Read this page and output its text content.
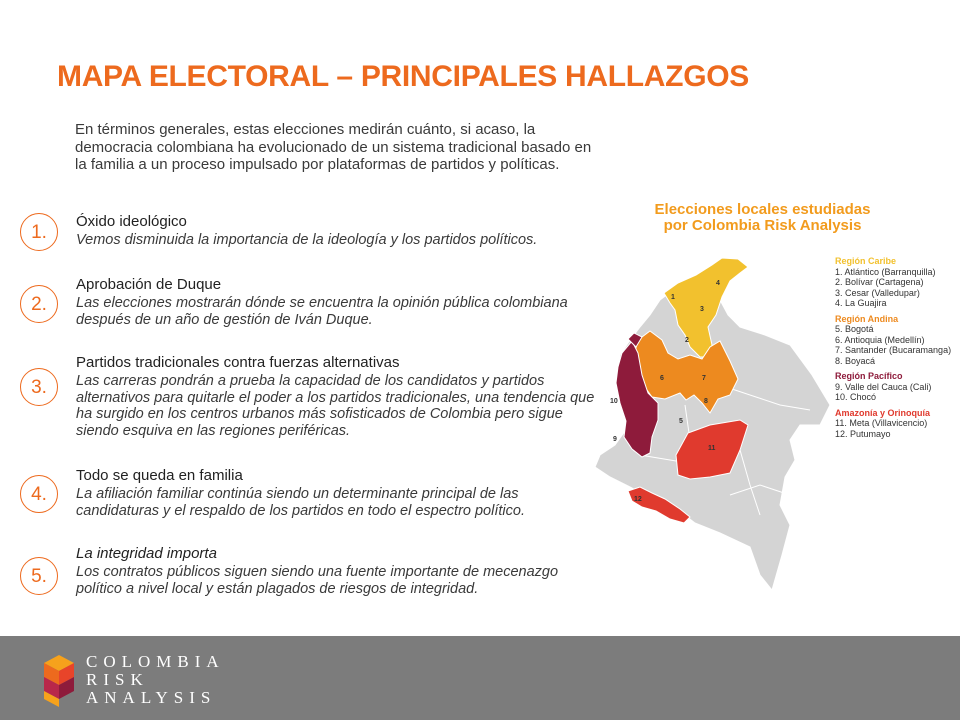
MAPA ELECTORAL – PRINCIPALES HALLAZGOS

En términos generales, estas elecciones medirán cuánto, si acaso, la democracia colombiana ha evolucionado de un sistema tradicional basado en la familia a un proceso impulsado por plataformas de partidos y políticas.

1.
Óxido ideológico
Vemos disminuida la importancia de la ideología y los partidos políticos.
2.
Aprobación de Duque
Las elecciones mostrarán dónde se encuentra la opinión pública colombiana después de un año de gestión de Iván Duque.
3.
Partidos tradicionales contra fuerzas alternativas
Las carreras pondrán a prueba la capacidad de los candidatos y partidos alternativos para quitarle el poder a los partidos tradicionales, una tendencia que ha surgido en los centros urbanos más sofisticados de Colombia pero sigue siendo esquiva en las regiones periféricas.
4.
Todo se queda en familia
La afiliación familiar continúa siendo un determinante principal de las candidaturas y el respaldo de los partidos en todo el espectro político.
5.
La integridad importa
Los contratos públicos siguen siendo una fuente importante de mecenazgo político a nivel local y están plagados de riesgos de integridad.
Elecciones locales estudiadas
por Colombia Risk Analysis
1
4
3
2
6	7
8
5
10
9
11
12
Región Caribe
1. Atlántico (Barranquilla)
2. Bolívar (Cartagena)
3. Cesar (Valledupar)
4. La Guajira
Región Andina
5. Bogotá
6. Antioquia (Medellín)
7. Santander (Bucaramanga)
8. Boyacá
Región Pacífico
9. Valle del Cauca (Cali)
10. Chocó
Amazonía y Orinoquía
11. Meta (Villavicencio)
12. Putumayo
COLOMBIA
RISK
ANALYSIS
